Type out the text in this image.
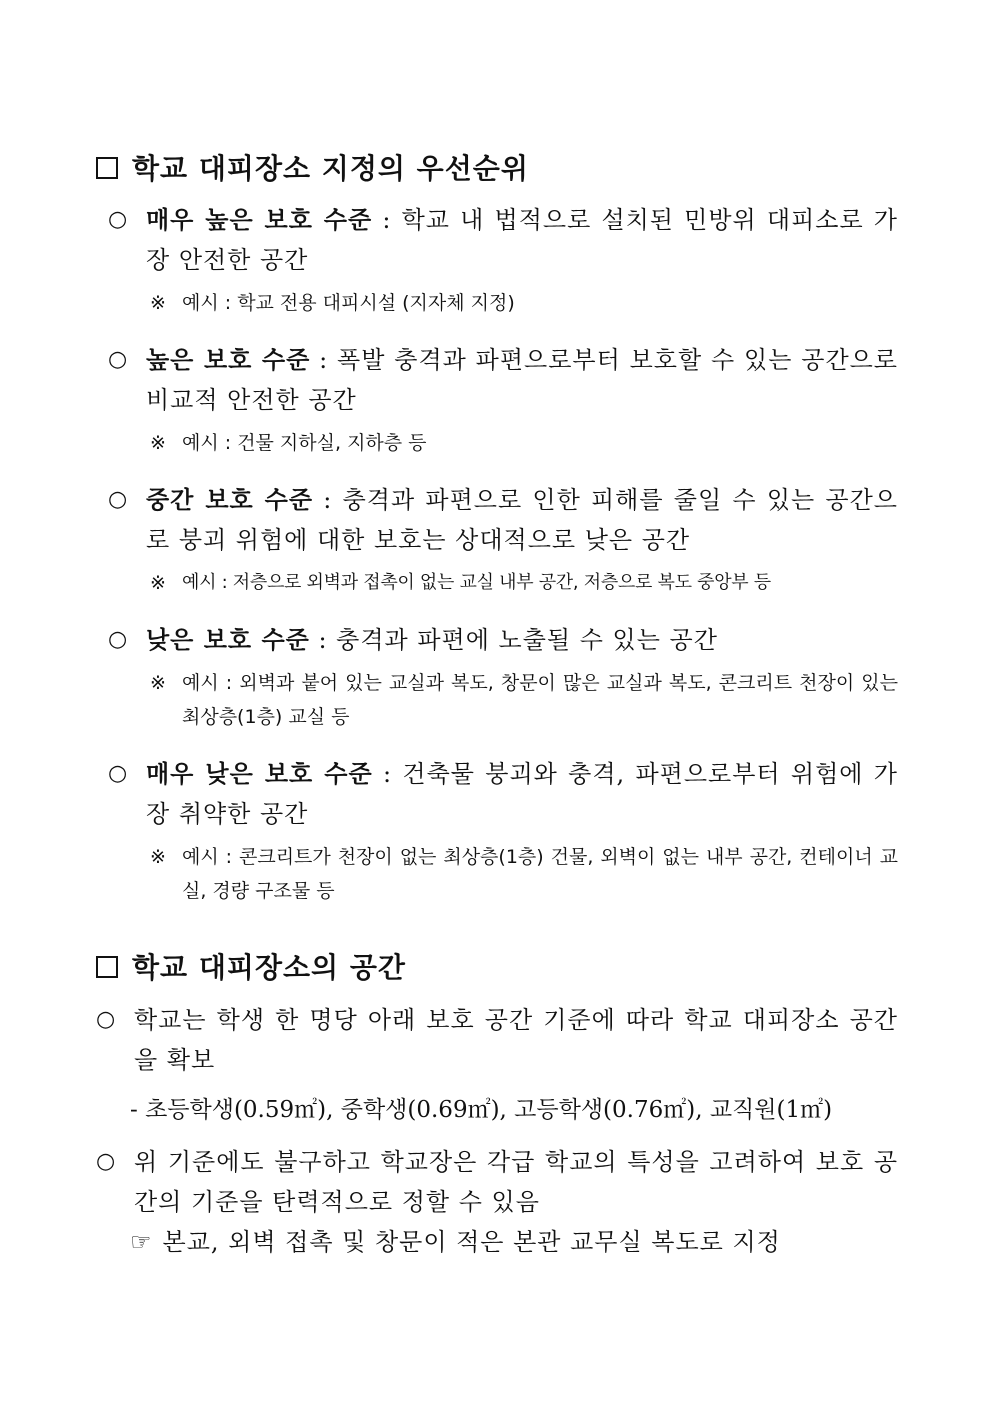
학교 대피장소 지정의 우선순위
○ 매우 높은 보호 수준 : 학교 내 법적으로 설치된 민방위 대피소로 가장 안전한 공간
※ 예시 : 학교 전용 대피시설 (지자체 지정)
○ 높은 보호 수준 : 폭발 충격과 파편으로부터 보호할 수 있는 공간으로 비교적 안전한 공간
※ 예시 : 건물 지하실, 지하층 등
○ 중간 보호 수준 : 충격과 파편으로 인한 피해를 줄일 수 있는 공간으로 붕괴 위험에 대한 보호는 상대적으로 낮은 공간
※ 예시 : 저층으로 외벽과 접촉이 없는 교실 내부 공간, 저층으로 복도 중앙부 등
○ 낮은 보호 수준 : 충격과 파편에 노출될 수 있는 공간
※ 예시 : 외벽과 붙어 있는 교실과 복도, 창문이 많은 교실과 복도, 콘크리트 천장이 있는 최상층(1층) 교실 등
○ 매우 낮은 보호 수준 : 건축물 붕괴와 충격, 파편으로부터 위험에 가장 취약한 공간
※ 예시 : 콘크리트가 천장이 없는 최상층(1층) 건물, 외벽이 없는 내부 공간, 컨테이너 교실, 경량 구조물 등
학교 대피장소의 공간
○ 학교는 학생 한 명당 아래 보호 공간 기준에 따라 학교 대피장소 공간을 확보
- 초등학생(0.59㎡), 중학생(0.69㎡), 고등학생(0.76㎡), 교직원(1㎡)
○ 위 기준에도 불구하고 학교장은 각급 학교의 특성을 고려하여 보호 공간의 기준을 탄력적으로 정할 수 있음
☞ 본교, 외벽 접촉 및 창문이 적은 본관 교무실 복도로 지정
